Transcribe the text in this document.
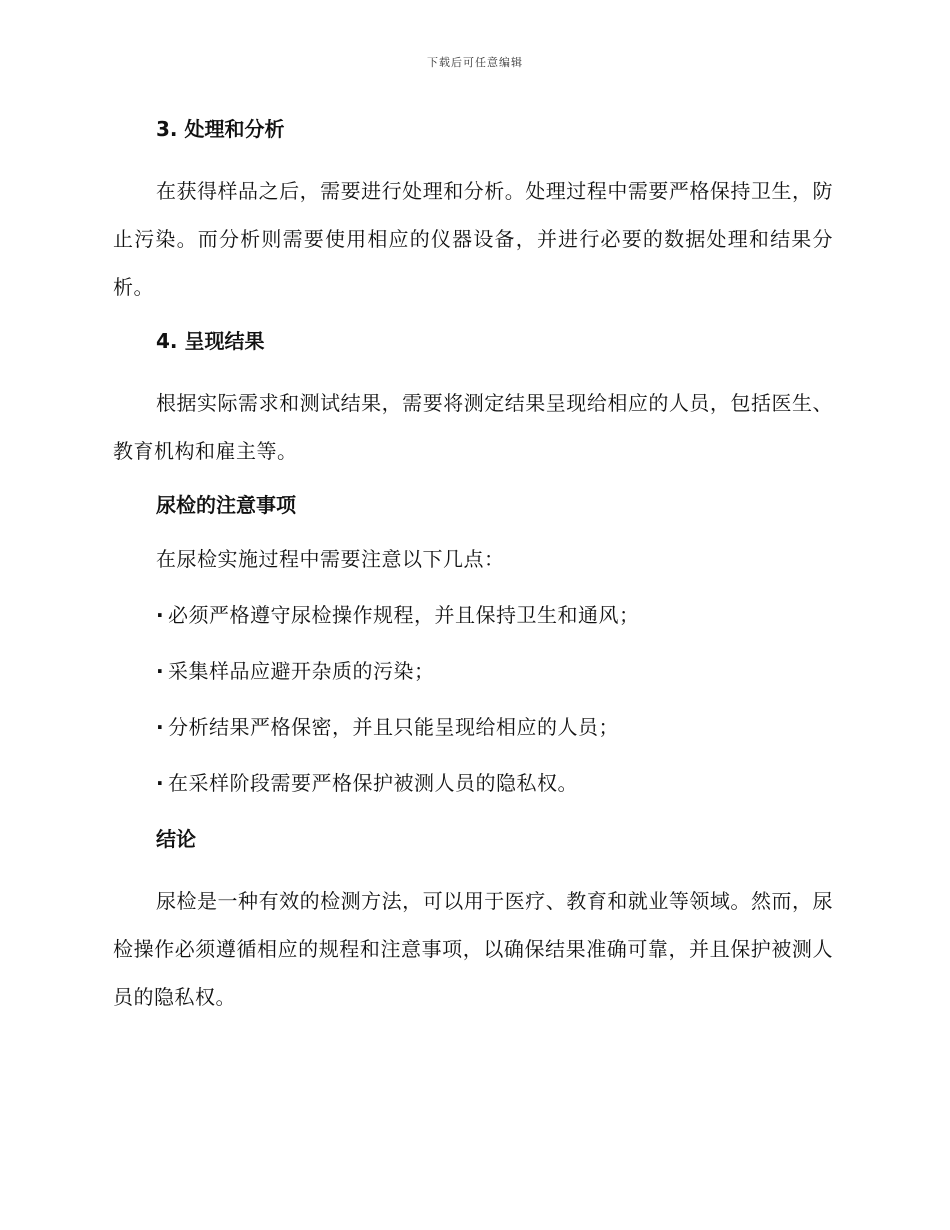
下载后可任意编辑
3. 处理和分析

在获得样品之后，需要进行处理和分析。处理过程中需要严格保持卫生，防止污染。而分析则需要使用相应的仪器设备，并进行必要的数据处理和结果分析。

4. 呈现结果

根据实际需求和测试结果，需要将测定结果呈现给相应的人员，包括医生、教育机构和雇主等。

尿检的注意事项
在尿检实施过程中需要注意以下几点：
· 必须严格遵守尿检操作规程，并且保持卫生和通风；
· 采集样品应避开杂质的污染；
· 分析结果严格保密，并且只能呈现给相应的人员；
· 在采样阶段需要严格保护被测人员的隐私权。
结论

尿检是一种有效的检测方法，可以用于医疗、教育和就业等领域。然而，尿检操作必须遵循相应的规程和注意事项，以确保结果准确可靠，并且保护被测人员的隐私权。
